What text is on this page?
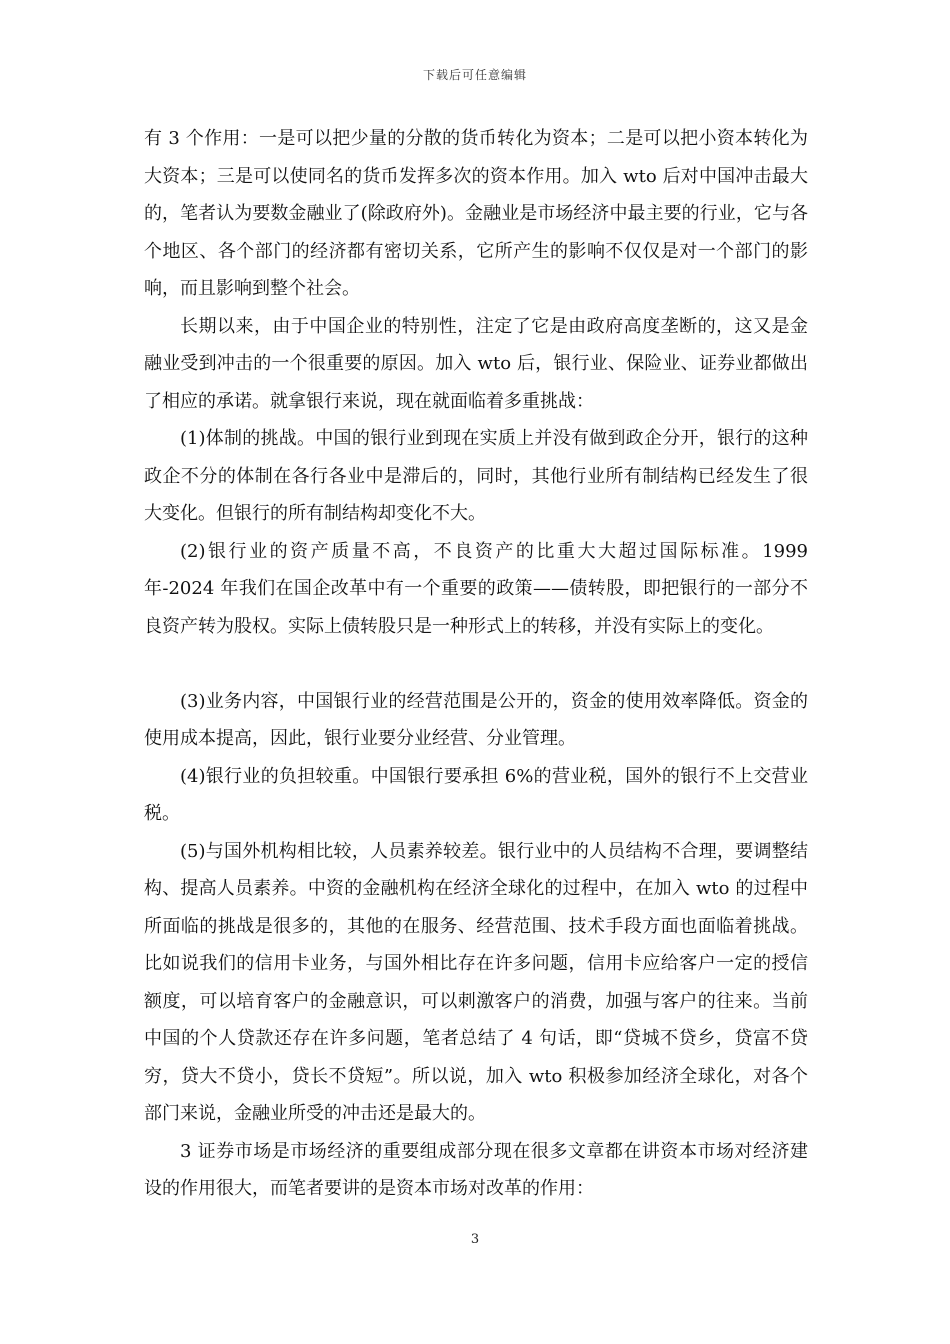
下载后可任意编辑

有 3 个作用：一是可以把少量的分散的货币转化为资本；二是可以把小资本转化为大资本；三是可以使同名的货币发挥多次的资本作用。加入 wto 后对中国冲击最大的，笔者认为要数金融业了(除政府外)。金融业是市场经济中最主要的行业，它与各个地区、各个部门的经济都有密切关系，它所产生的影响不仅仅是对一个部门的影响，而且影响到整个社会。

长期以来，由于中国企业的特别性，注定了它是由政府高度垄断的，这又是金融业受到冲击的一个很重要的原因。加入 wto 后，银行业、保险业、证券业都做出了相应的承诺。就拿银行来说，现在就面临着多重挑战：

(1)体制的挑战。中国的银行业到现在实质上并没有做到政企分开，银行的这种政企不分的体制在各行各业中是滞后的，同时，其他行业所有制结构已经发生了很大变化。但银行的所有制结构却变化不大。

(2)银行业的资产质量不高，不良资产的比重大大超过国际标准。1999 年-2024 年我们在国企改革中有一个重要的政策——债转股，即把银行的一部分不良资产转为股权。实际上债转股只是一种形式上的转移，并没有实际上的变化。

(3)业务内容，中国银行业的经营范围是公开的，资金的使用效率降低。资金的使用成本提高，因此，银行业要分业经营、分业管理。

(4)银行业的负担较重。中国银行要承担 6%的营业税，国外的银行不上交营业税。

(5)与国外机构相比较，人员素养较差。银行业中的人员结构不合理，要调整结构、提高人员素养。中资的金融机构在经济全球化的过程中，在加入 wto 的过程中所面临的挑战是很多的，其他的在服务、经营范围、技术手段方面也面临着挑战。比如说我们的信用卡业务，与国外相比存在许多问题，信用卡应给客户一定的授信额度，可以培育客户的金融意识，可以刺激客户的消费，加强与客户的往来。当前中国的个人贷款还存在许多问题，笔者总结了 4 句话，即“贷城不贷乡，贷富不贷穷，贷大不贷小，贷长不贷短”。所以说，加入 wto 积极参加经济全球化，对各个部门来说，金融业所受的冲击还是最大的。

3 证券市场是市场经济的重要组成部分现在很多文章都在讲资本市场对经济建设的作用很大，而笔者要讲的是资本市场对改革的作用：

3
